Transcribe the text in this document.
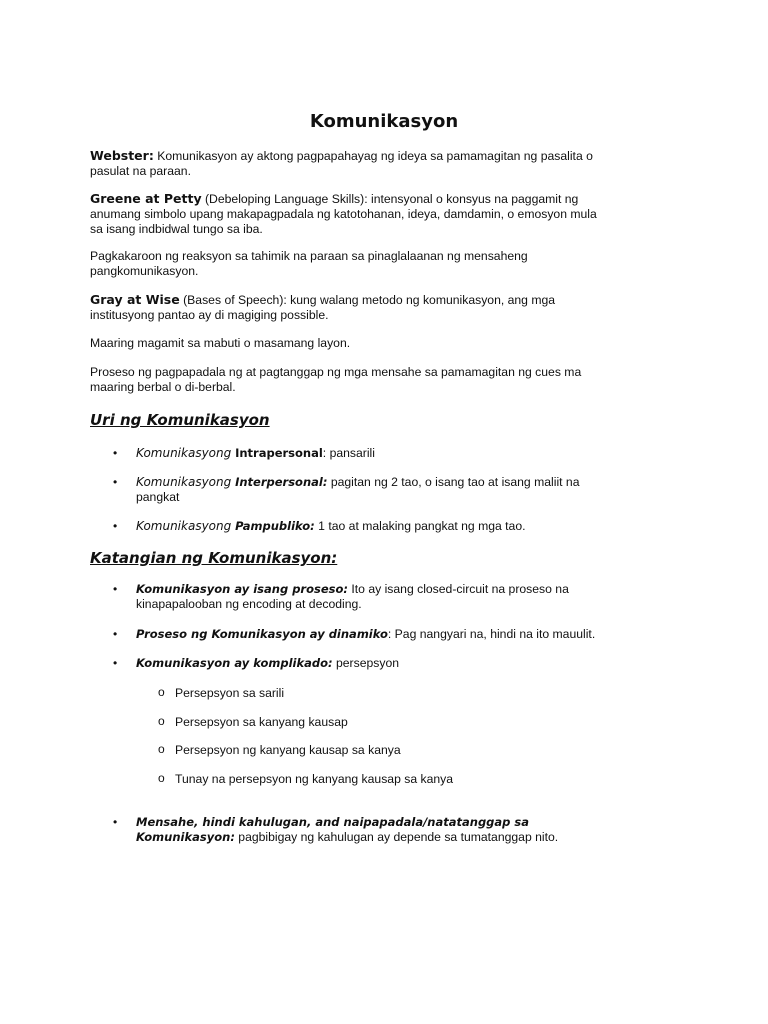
Komunikasyon
Webster: Komunikasyon ay aktong pagpapahayag ng ideya sa pamamagitan ng pasalita o pasulat na paraan.
Greene at Petty (Debeloping Language Skills): intensyonal o konsyus na paggamit ng anumang simbolo upang makapagpadala ng katotohanan, ideya, damdamin, o emosyon mula sa isang indbidwal tungo sa iba.
Pagkakaroon ng reaksyon sa tahimik na paraan sa pinaglalaanan ng mensaheng pangkomunikasyon.
Gray at Wise (Bases of Speech): kung walang metodo ng komunikasyon, ang mga institusyong pantao ay di magiging possible.
Maaring magamit sa mabuti o masamang layon.
Proseso ng pagpapadala ng at pagtanggap ng mga mensahe sa pamamagitan ng cues ma maaring berbal o di-berbal.
Uri ng Komunikasyon
• Komunikasyong Intrapersonal: pansarili
• Komunikasyong Interpersonal: pagitan ng 2 tao, o isang tao at isang maliit na pangkat
• Komunikasyong Pampubliko: 1 tao at malaking pangkat ng mga tao.
Katangian ng Komunikasyon:
• Komunikasyon ay isang proseso: Ito ay isang closed-circuit na proseso na kinapapalooban ng encoding at decoding.
• Proseso ng Komunikasyon ay dinamiko: Pag nangyari na, hindi na ito mauulit.
• Komunikasyon ay komplikado: persepsyon
o Persepsyon sa sarili
o Persepsyon sa kanyang kausap
o Persepsyon ng kanyang kausap sa kanya
o Tunay na persepsyon ng kanyang kausap sa kanya
• Mensahe, hindi kahulugan, and naipapadala/natatanggap sa Komunikasyon: pagbibigay ng kahulugan ay depende sa tumatanggap nito.
